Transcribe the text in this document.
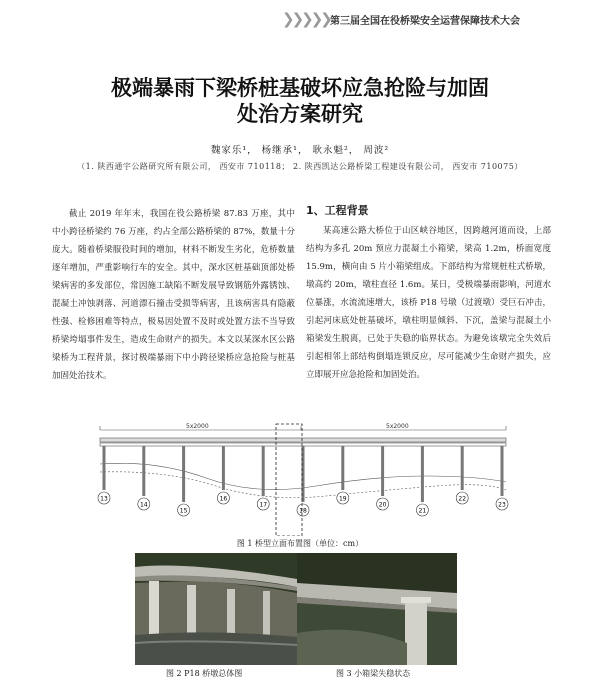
❯❯❯❯❯ 第三届全国在役桥梁安全运营保障技术大会
极端暴雨下梁桥桩基破坏应急抢险与加固
处治方案研究
魏家乐¹， 杨继承¹， 耿永魁²， 周波²
（1. 陕西通宇公路研究所有限公司， 西安市 710118； 2. 陕西凯达公路桥梁工程建设有限公司， 西安市 710075）

截止 2019 年年末，我国在役公路桥梁 87.83 万座，其中中小跨径桥梁约 76 万座，约占全部公路桥梁的 87%，数量十分庞大。随着桥梁服役时间的增加，材料不断发生劣化，危桥数量逐年增加，严重影响行车的安全。其中，深水区桩基础顶部处桥梁病害的多发部位，常因施工缺陷不断发展导致钢筋外露锈蚀、混凝土冲蚀剥落、河道漂石撞击受损等病害，且该病害具有隐蔽性强、检修困难等特点，极易因处置不及时或处置方法不当导致桥梁垮塌事件发生，造成生命财产的损失。本文以某深水区公路梁桥为工程背景，探讨极端暴雨下中小跨径梁桥应急抢险与桩基加固处治技术。

1、工程背景

某高速公路大桥位于山区峡谷地区，因跨越河道而设，上部结构为多孔 20m 预应力混凝土小箱梁，梁高 1.2m，桥面宽度 15.9m，横向由 5 片小箱梁组成。下部结构为常规桩柱式桥墩，墩高约 20m，墩柱直径 1.6m。某日，受极端暴雨影响，河道水位暴涨，水流流速增大，该桥 P18 号墩（过渡墩）受巨石冲击，引起河床底处桩基破坏，墩柱明显倾斜、下沉，盖梁与混凝土小箱梁发生脱离，已处于失稳的临界状态。为避免该墩完全失效后引起相邻上部结构倒塌连锁反应，尽可能减少生命财产损失，应立即展开应急抢险和加固处治。

5x2000	5x2000
13
14
15
16
17
18
19
20
21
22
23
图 1 桥型立面布置图（单位：cm）
图 2 P18 桥墩总体图	图 3 小箱梁失稳状态
